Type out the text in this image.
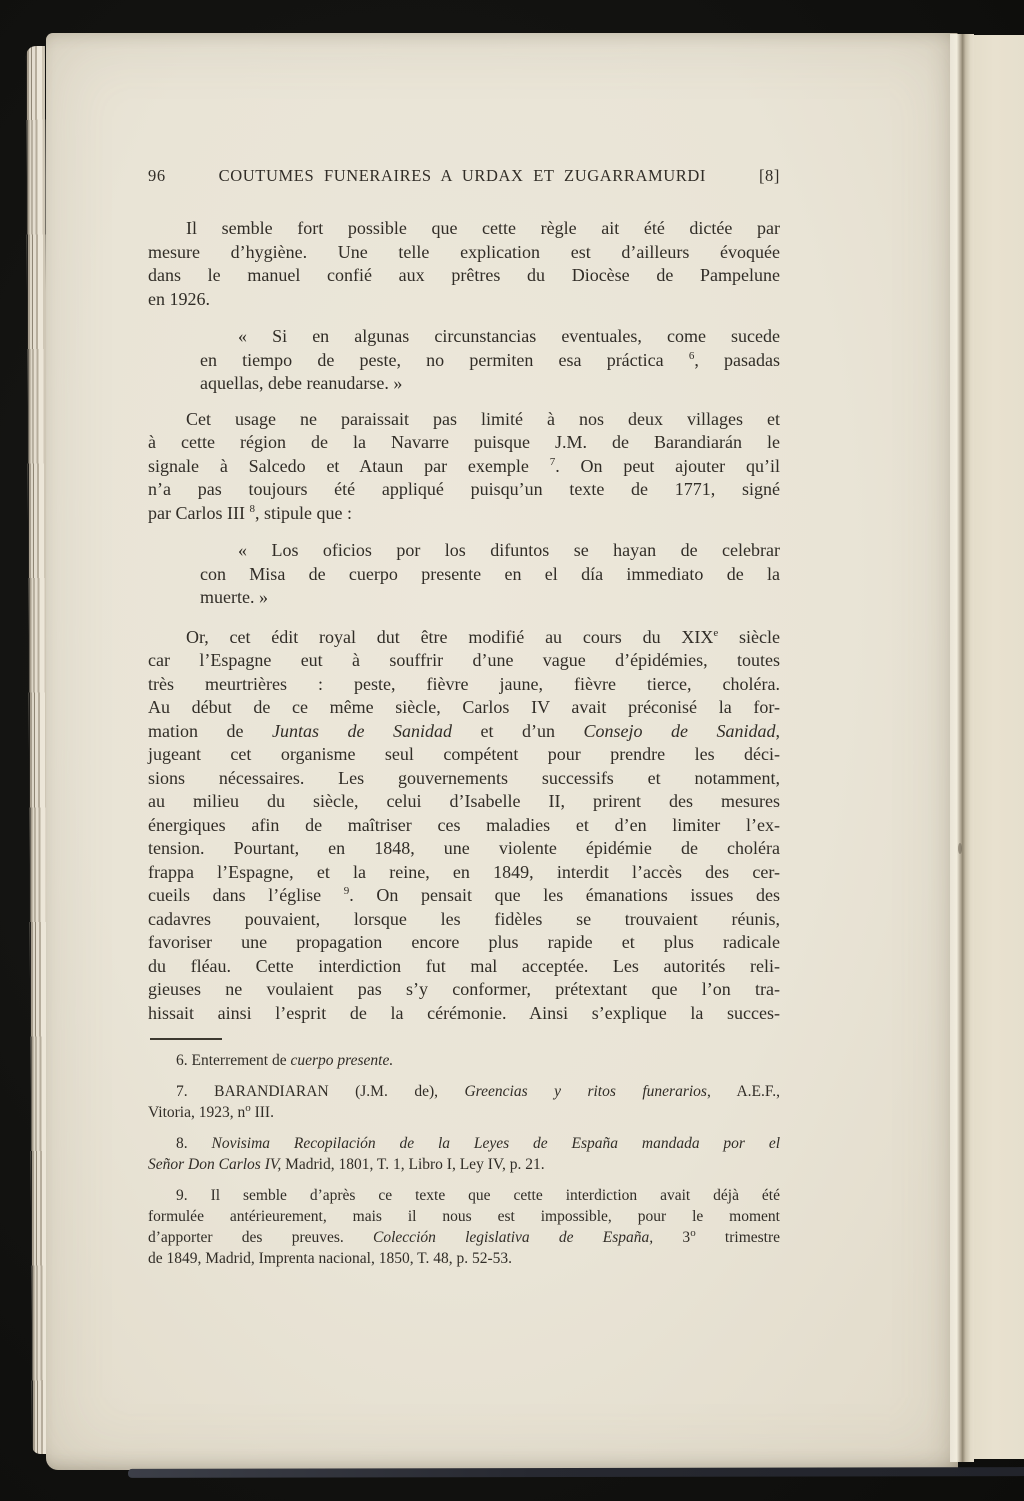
96	COUTUMES FUNERAIRES A URDAX ET ZUGARRAMURDI	[8]
Il semble fort possible que cette règle ait été dictée par
mesure d’hygiène. Une telle explication est d’ailleurs évoquée
dans le manuel confié aux prêtres du Diocèse de Pampelune
en 1926.
« Si en algunas circunstancias eventuales, come sucede
en tiempo de peste, no permiten esa práctica $^6$, pasadas
aquellas, debe reanudarse. »
Cet usage ne paraissait pas limité à nos deux villages et
à cette région de la Navarre puisque J.M. de Barandiarán le
signale à Salcedo et Ataun par exemple $^7$. On peut ajouter qu’il
n’a pas toujours été appliqué puisqu’un texte de 1771, signé
par Carlos III $^8$, stipule que :
« Los oficios por los difuntos se hayan de celebrar
con Misa de cuerpo presente en el día immediato de la
muerte. »
Or, cet édit royal dut être modifié au cours du XIXe siècle
car l’Espagne eut à souffrir d’une vague d’épidémies, toutes
très meurtrières : peste, fièvre jaune, fièvre tierce, choléra.
Au début de ce même siècle, Carlos IV avait préconisé la for-
mation de Juntas de Sanidad et d’un Consejo de Sanidad,
jugeant cet organisme seul compétent pour prendre les déci-
sions nécessaires. Les gouvernements successifs et notamment,
au milieu du siècle, celui d’Isabelle II, prirent des mesures
énergiques afin de maîtriser ces maladies et d’en limiter l’ex-
tension. Pourtant, en 1848, une violente épidémie de choléra
frappa l’Espagne, et la reine, en 1849, interdit l’accès des cer-
cueils dans l’église $^9$. On pensait que les émanations issues des
cadavres pouvaient, lorsque les fidèles se trouvaient réunis,
favoriser une propagation encore plus rapide et plus radicale
du fléau. Cette interdiction fut mal acceptée. Les autorités reli-
gieuses ne voulaient pas s’y conformer, prétextant que l’on tra-
hissait ainsi l’esprit de la cérémonie. Ainsi s’explique la succes-
6. Enterrement de cuerpo presente.
7. BARANDIARAN (J.M. de), Greencias y ritos funerarios, A.E.F.,
Vitoria, 1923, $n^o$ III.
8. Novisima Recopilación de la Leyes de España mandada por el
Señor Don Carlos IV, Madrid, 1801, T. 1, Libro I, Ley IV, p. 21.
9. Il semble d’après ce texte que cette interdiction avait déjà été
formulée antérieurement, mais il nous est impossible, pour le moment
d’apporter des preuves. Colección legislativa de España, 3$^o$ trimestre
de 1849, Madrid, Imprenta nacional, 1850, T. 48, p. 52-53.
